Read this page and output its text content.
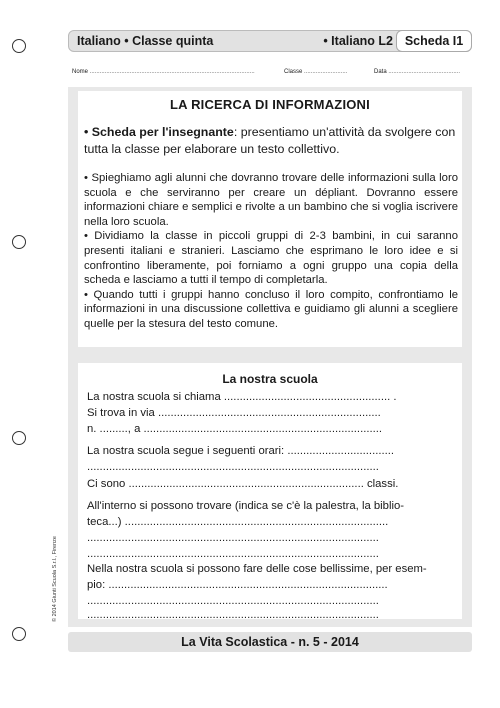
Italiano • Classe quinta	• Italiano L2 Scheda I1
Nome ...................................................................................................	Classe ..........................	Data ...........................................
LA RICERCA DI INFORMAZIONI
• Scheda per l'insegnante: presentiamo un'attività da svolgere con tutta la classe per elaborare un testo collettivo.

• Spieghiamo agli alunni che dovranno trovare delle informazioni sulla loro scuola e che serviranno per creare un dépliant. Dovranno essere informazioni chiare e semplici e rivolte a un bambino che si voglia iscrivere nella loro scuola.

• Dividiamo la classe in piccoli gruppi di 2-3 bambini, in cui saranno presenti italiani e stranieri. Lasciamo che esprimano le loro idee e si confrontino liberamente, poi forniamo a ogni gruppo una copia della scheda e lasciamo a tutti il tempo di completarla.

• Quando tutti i gruppi hanno concluso il loro compito, confrontiamo le informazioni in una discussione collettiva e guidiamo gli alunni a scegliere quelle per la stesura del testo comune.

La nostra scuola
La nostra scuola si chiama ..................................................... .
Si trova in via .......................................................................
n. ........., a ............................................................................
La nostra scuola segue i seguenti orari: ..................................
.............................................................................................
Ci sono ........................................................................... classi.
All'interno si possono trovare (indica se c'è la palestra, la biblio-
teca...) ....................................................................................
.............................................................................................
.............................................................................................
Nella nostra scuola si possono fare delle cose bellissime, per esem-
pio: .........................................................................................
.............................................................................................
.............................................................................................
© 2014 Giunti Scuola S.r.l., Firenze
La Vita Scolastica - n. 5 - 2014
